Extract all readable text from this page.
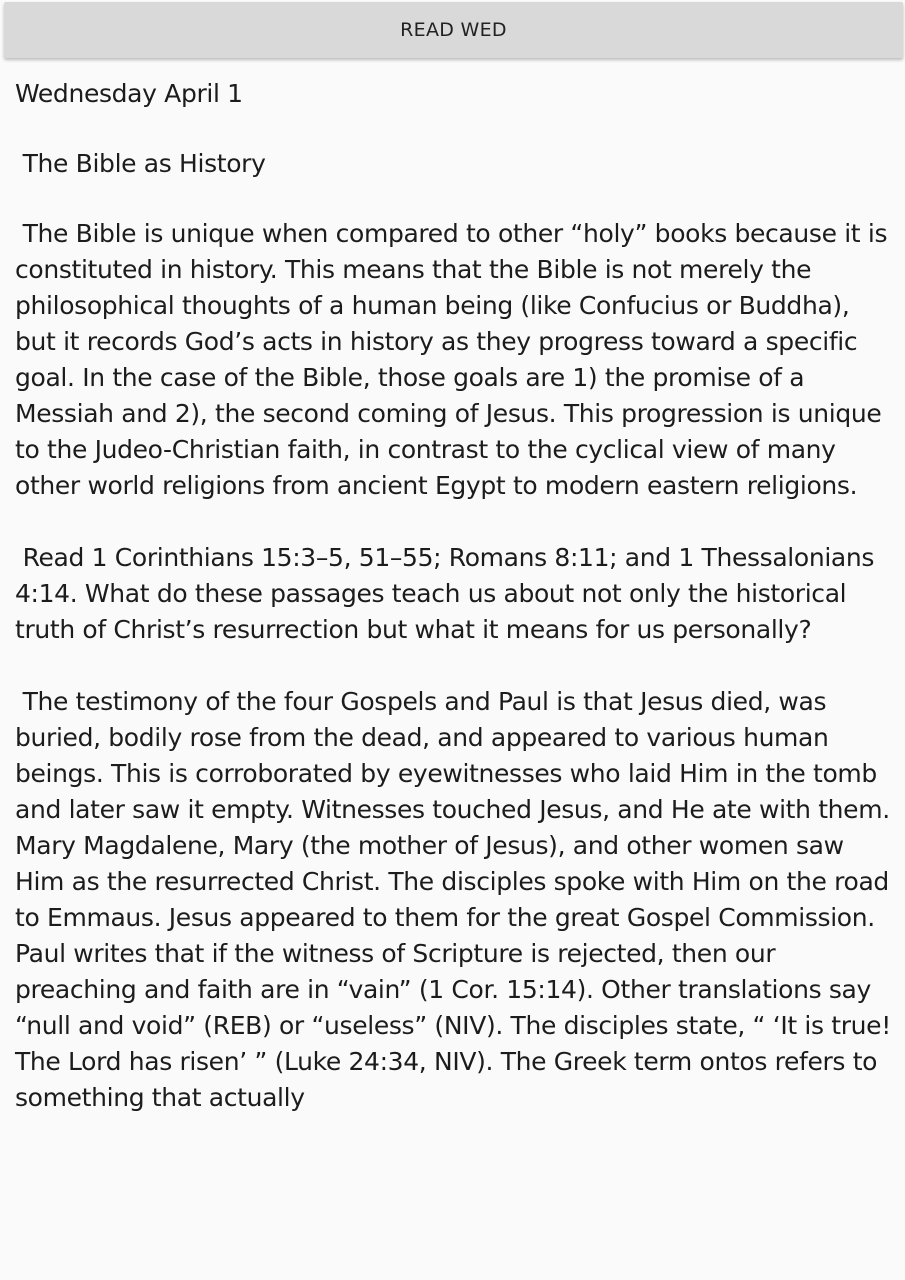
READ WED

Wednesday April 1

The Bible as History

The Bible is unique when compared to other “holy” books because it is constituted in history. This means that the Bible is not merely the philosophical thoughts of a human being (like Confucius or Buddha), but it records God’s acts in history as they progress toward a specific goal. In the case of the Bible, those goals are 1) the promise of a Messiah and 2), the second coming of Jesus. This progression is unique to the Judeo-Christian faith, in contrast to the cyclical view of many other world religions from ancient Egypt to modern eastern religions.

Read 1 Corinthians 15:3–5, 51–55; Romans 8:11; and 1 Thessalonians 4:14. What do these passages teach us about not only the historical truth of Christ’s resurrection but what it means for us personally?

The testimony of the four Gospels and Paul is that Jesus died, was buried, bodily rose from the dead, and appeared to various human beings. This is corroborated by eyewitnesses who laid Him in the tomb and later saw it empty. Witnesses touched Jesus, and He ate with them. Mary Magdalene, Mary (the mother of Jesus), and other women saw Him as the resurrected Christ. The disciples spoke with Him on the road to Emmaus. Jesus appeared to them for the great Gospel Commission. Paul writes that if the witness of Scripture is rejected, then our preaching and faith are in “vain” (1 Cor. 15:14). Other translations say “null and void” (REB) or “useless” (NIV). The disciples state, “ ‘It is true! The Lord has risen’ ” (Luke 24:34, NIV). The Greek term ontos refers to something that actually
